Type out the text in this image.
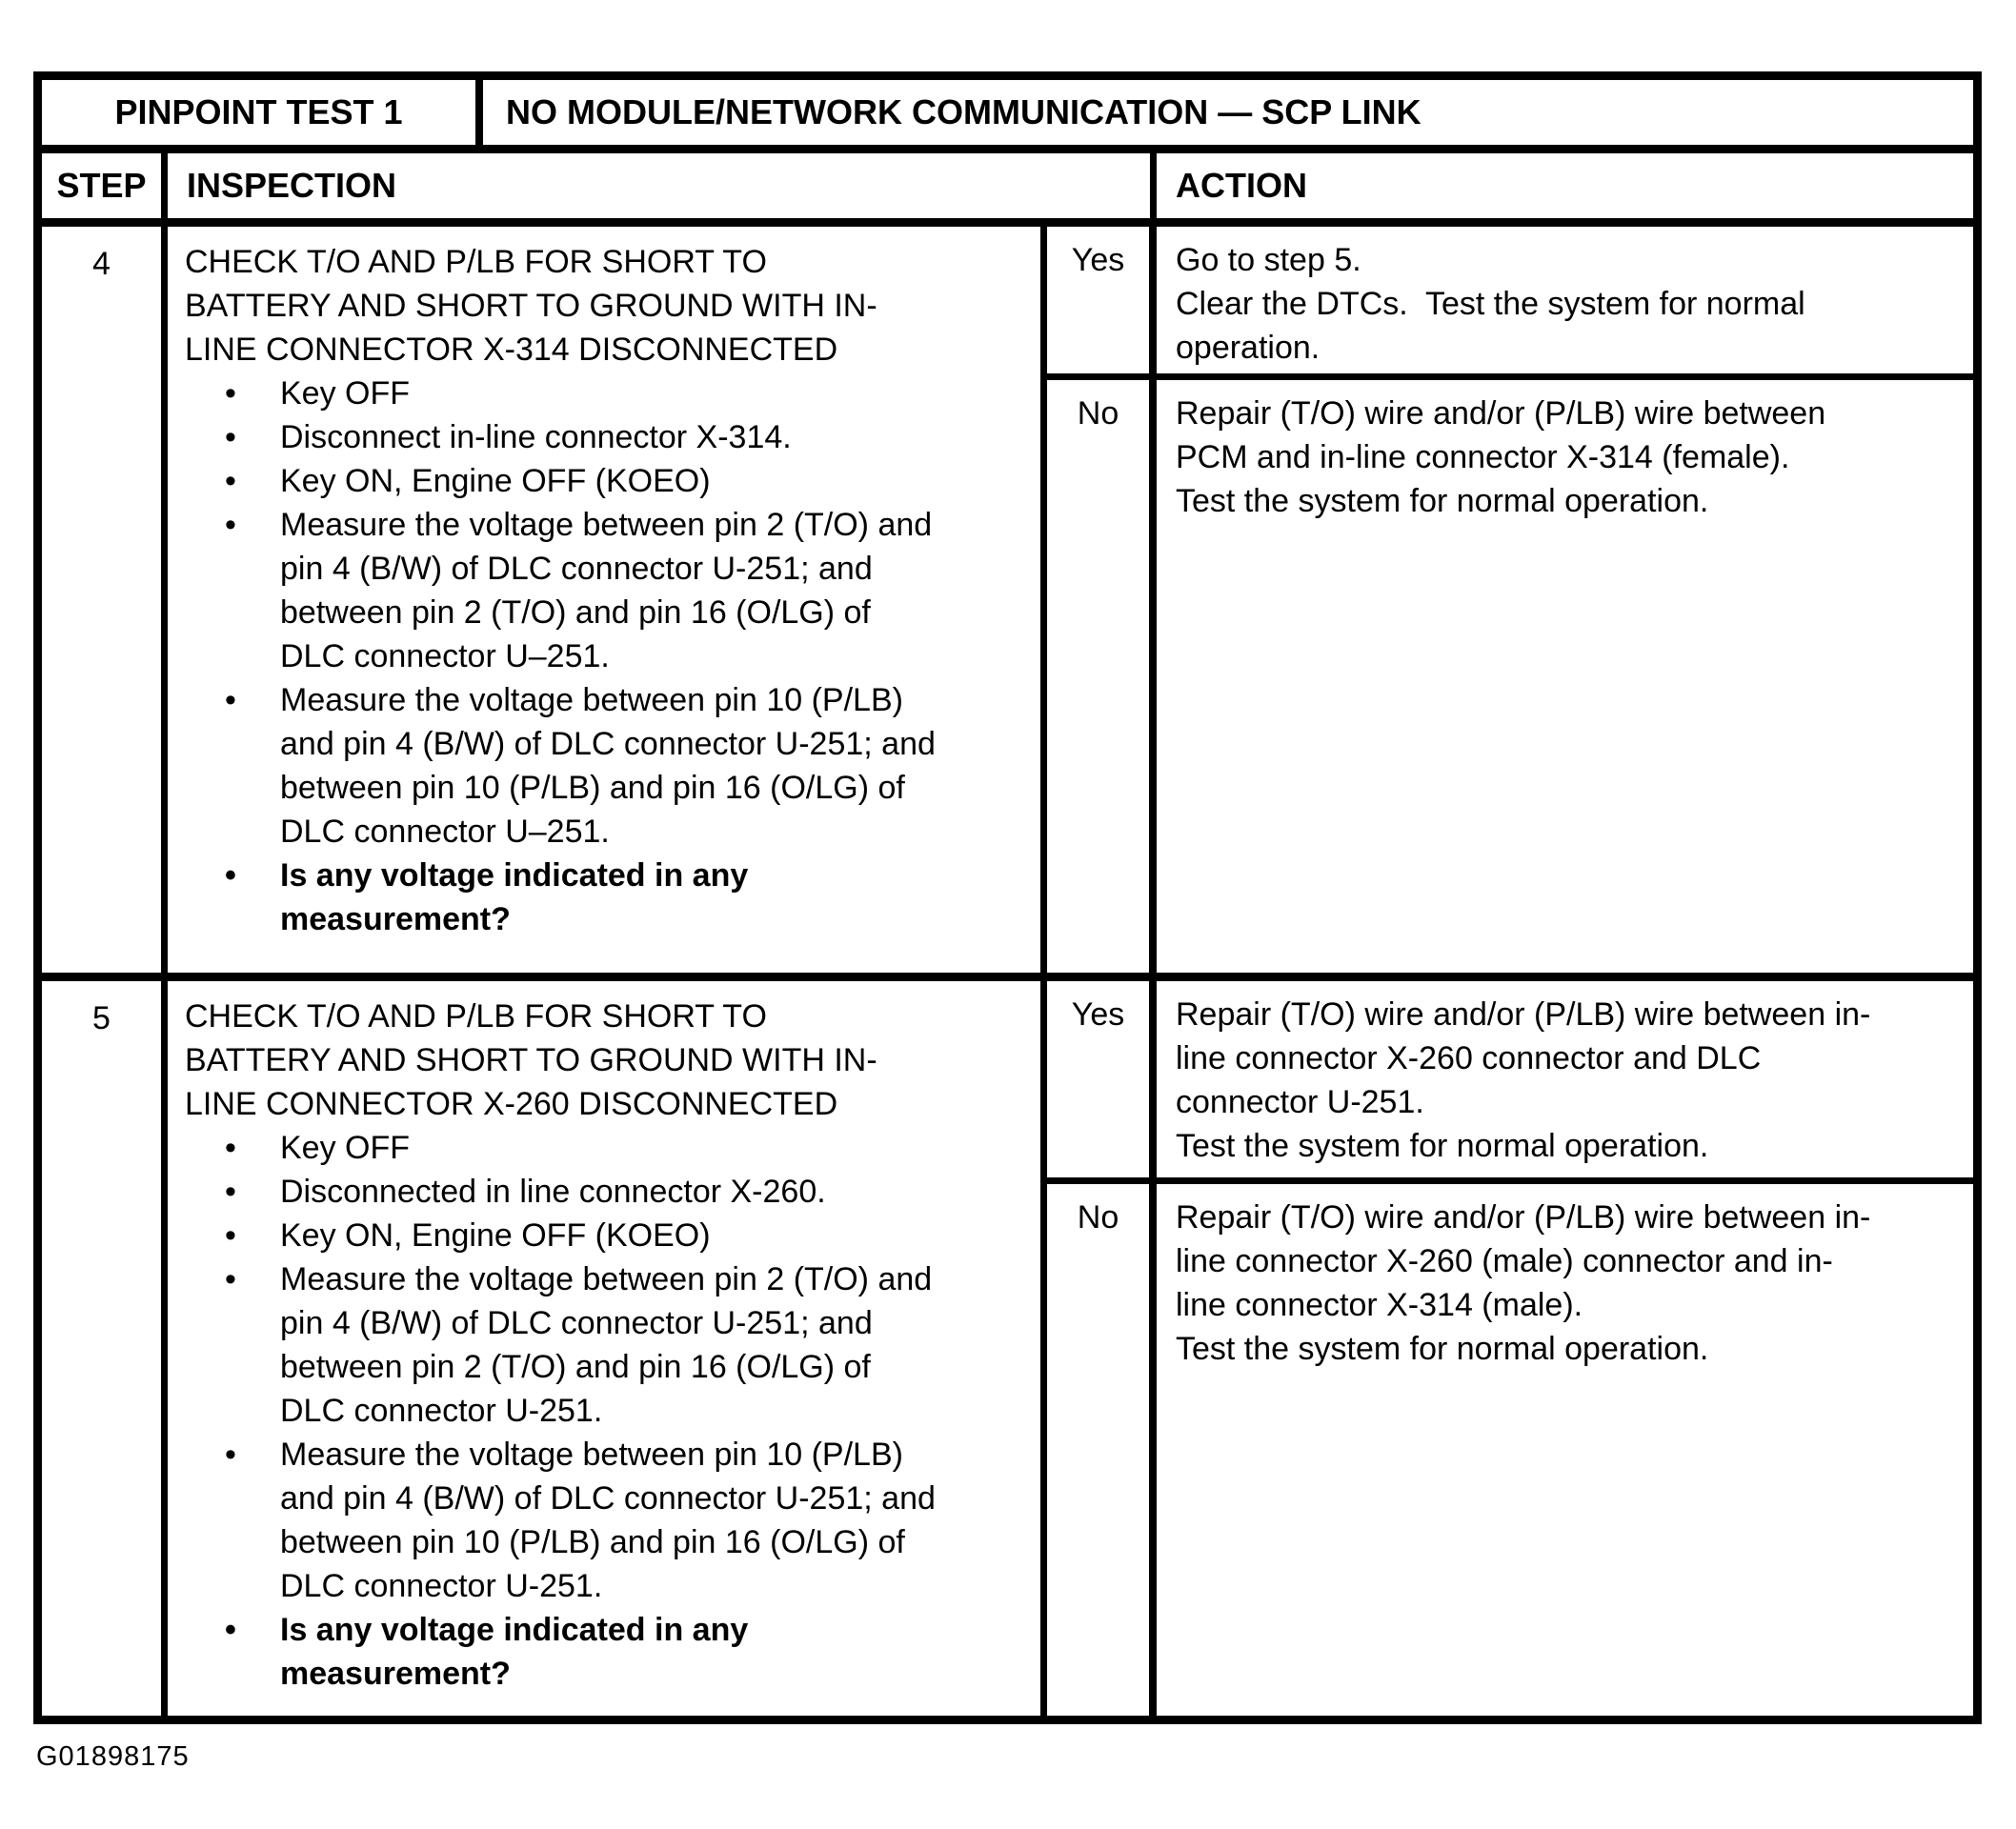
PINPOINT TEST 1	NO MODULE/NETWORK COMMUNICATION — SCP LINK
STEP	INSPECTION	ACTION
4	CHECK T/O AND P/LB FOR SHORT TO BATTERY AND SHORT TO GROUND WITH IN-LINE CONNECTOR X-314 DISCONNECTED
• Key OFF
• Disconnect in-line connector X-314.
• Key ON, Engine OFF (KOEO)
• Measure the voltage between pin 2 (T/O) and pin 4 (B/W) of DLC connector U-251; and between pin 2 (T/O) and pin 16 (O/LG) of DLC connector U–251.
• Measure the voltage between pin 10 (P/LB) and pin 4 (B/W) of DLC connector U-251; and between pin 10 (P/LB) and pin 16 (O/LG) of DLC connector U–251.
• Is any voltage indicated in any measurement?
Yes	Go to step 5.
Clear the DTCs.  Test the system for normal operation.
No	Repair (T/O) wire and/or (P/LB) wire between PCM and in-line connector X-314 (female).
Test the system for normal operation.
5	CHECK T/O AND P/LB FOR SHORT TO BATTERY AND SHORT TO GROUND WITH IN-LINE CONNECTOR X-260 DISCONNECTED
• Key OFF
• Disconnected in line connector X-260.
• Key ON, Engine OFF (KOEO)
• Measure the voltage between pin 2 (T/O) and pin 4 (B/W) of DLC connector U-251; and between pin 2 (T/O) and pin 16 (O/LG) of DLC connector U-251.
• Measure the voltage between pin 10 (P/LB) and pin 4 (B/W) of DLC connector U-251; and between pin 10 (P/LB) and pin 16 (O/LG) of DLC connector U-251.
• Is any voltage indicated in any measurement?
Yes	Repair (T/O) wire and/or (P/LB) wire between in-line connector X-260 connector and DLC connector U-251.
Test the system for normal operation.
No	Repair (T/O) wire and/or (P/LB) wire between in-line connector X-260 (male) connector and in-line connector X-314 (male).
Test the system for normal operation.
G01898175
